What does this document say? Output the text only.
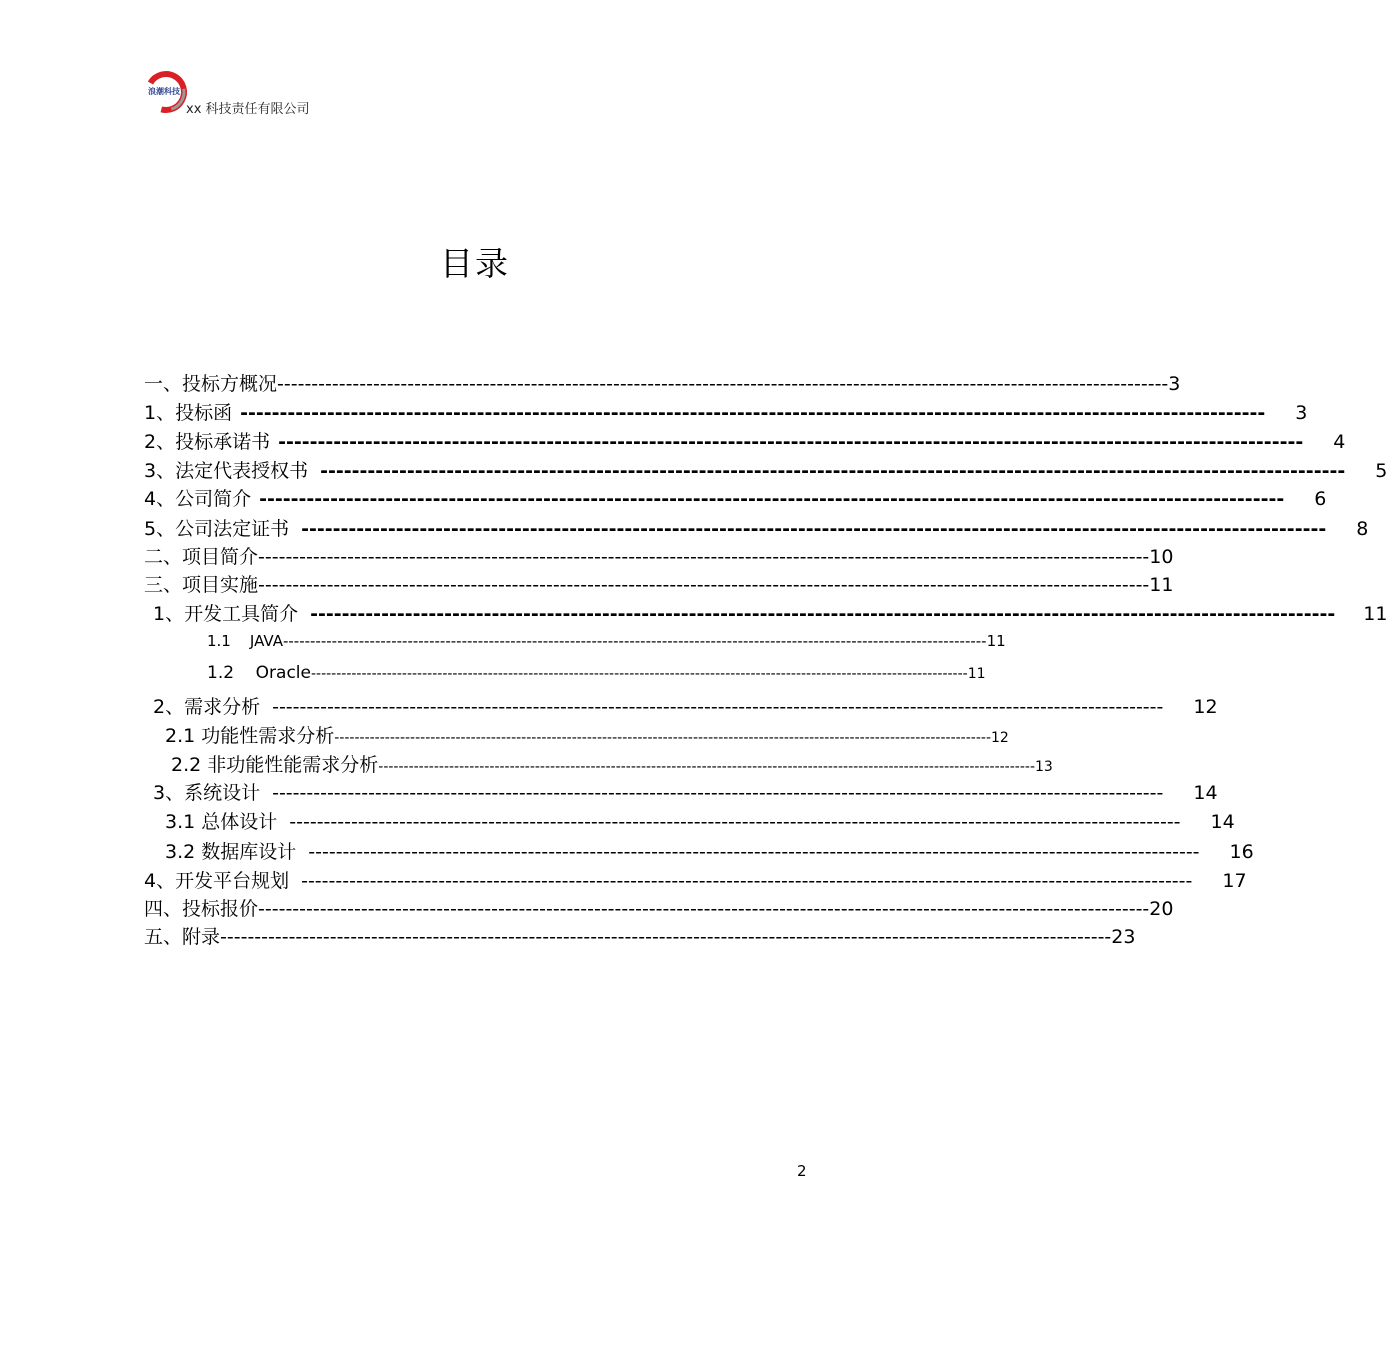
浪潮科技
xx 科技责任有限公司
目录
一、投标方概况 ---------------------------------------------------------------------------------------------------------------------------------- 3
1、投标函 ---------------------------------------------------------------------------------------------------------------------------------- 3
2、投标承诺书 ---------------------------------------------------------------------------------------------------------------------------------- 4
3、法定代表授权书 ---------------------------------------------------------------------------------------------------------------------------------- 5
4、公司简介 ---------------------------------------------------------------------------------------------------------------------------------- 6
5、公司法定证书 ---------------------------------------------------------------------------------------------------------------------------------- 8
二、项目简介 ---------------------------------------------------------------------------------------------------------------------------------- 10
三、项目实施 ---------------------------------------------------------------------------------------------------------------------------------- 11
1、开发工具简介 ---------------------------------------------------------------------------------------------------------------------------------- 11
1.1    JAVA ---------------------------------------------------------------------------------------------------------------------------------- 11
1.2    Oracle ---------------------------------------------------------------------------------------------------------------------------------- 11
2、需求分析 ---------------------------------------------------------------------------------------------------------------------------------- 12
2.1 功能性需求分析 ---------------------------------------------------------------------------------------------------------------------------------- 12
2.2 非功能性能需求分析 ---------------------------------------------------------------------------------------------------------------------------------- 13
3、系统设计 ---------------------------------------------------------------------------------------------------------------------------------- 14
3.1 总体设计 ---------------------------------------------------------------------------------------------------------------------------------- 14
3.2 数据库设计 ---------------------------------------------------------------------------------------------------------------------------------- 16
4、开发平台规划 ---------------------------------------------------------------------------------------------------------------------------------- 17
四、投标报价 ---------------------------------------------------------------------------------------------------------------------------------- 20
五、附录 ---------------------------------------------------------------------------------------------------------------------------------- 23
2
